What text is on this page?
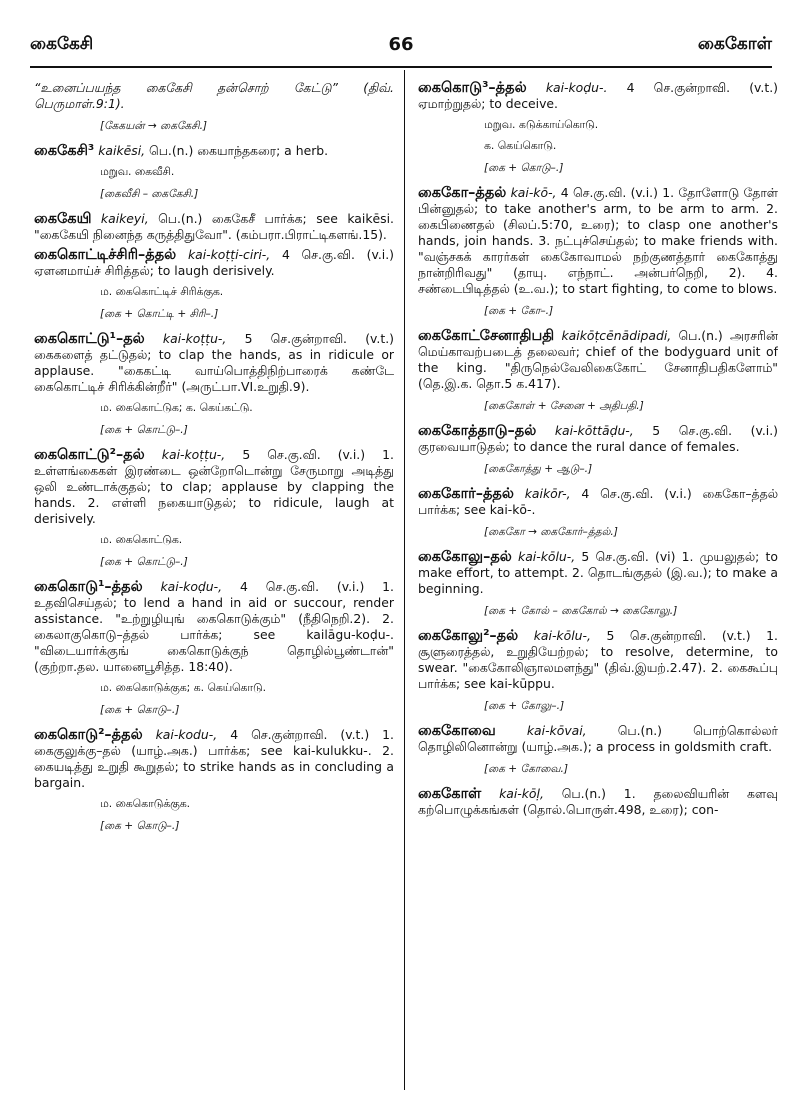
கைகேசி	66	கைகோள்

“உனைப்பயந்த கைகேசி தன்சொற் கேட்டு” (திவ். பெருமாள்.9:1).

[கேகயன் → கைகேசி.]

கைகேசி³ kaikēsi, பெ.(n.) கையாந்தகரை; a herb.

மறுவ. கைவீசி.

[கைவீசி – கைகேசி.]

கைகேயி kaikeyi, பெ.(n.) கைகேசீ பார்க்க; see kaikēsi. "கைகேயி நினைந்த கருத்திதுவோ". (கம்பரா.பிராட்டிகளங்.15).

கைகொட்டிச்சிரி–த்தல் kai-koṭṭi-ciri-, 4 செ.கு.வி. (v.i.) ஏளனமாய்ச் சிரித்தல்; to laugh derisively.

ம. கைகொட்டிச் சிரிக்குக.

[கை + கொட்டி + சிரி–.]

கைகொட்டு¹–தல் kai-koṭṭu-, 5 செ.குன்றாவி. (v.t.) கைகளைத் தட்டுதல்; to clap the hands, as in ridicule or applause. "கைகட்டி வாய்பொத்திநிற்பாரைக் கண்டே கைகொட்டிச் சிரிக்கின்றீர்" (அருட்பா.VI.உறுதி.9).

ம. கைகொட்டுக; க. கெய்கட்டு.

[கை + கொட்டு–.]

கைகொட்டு²–தல் kai-koṭṭu-, 5 செ.கு.வி. (v.i.) 1. உள்ளங்கைகள் இரண்டை ஒன்றோடொன்று சேருமாறு அடித்து ஒலி உண்டாக்குதல்; to clap; applause by clapping the hands. 2. எள்ளி நகையாடுதல்; to ridicule, laugh at derisively.

ம. கைகொட்டுக.

[கை + கொட்டு–.]

கைகொடு¹–த்தல் kai-koḍu-, 4 செ.கு.வி. (v.i.) 1. உதவிசெய்தல்; to lend a hand in aid or succour, render assistance. "உற்றுழியுங் கைகொடுக்கும்" (நீதிநெறி.2). 2. கைலாகுகொடு–த்தல் பார்க்க; see kailāgu-koḍu-. "விடையார்க்குங் கைகொடுக்குந் தொழில்பூண்டான்" (குற்றா.தல. யானைபூசித்த. 18:40).

ம. கைகொடுக்குக; க. கெய்கொடு.

[கை + கொடு–.]

கைகொடு²–த்தல் kai-kodu-, 4 செ.குன்றாவி. (v.t.) 1. கைகுலுக்கு–தல் (யாழ்.அக.) பார்க்க; see kai-kulukku-. 2. கையடித்து உறுதி கூறுதல்; to strike hands as in concluding a bargain.

ம. கைகொடுக்குக.

[கை + கொடு–.]

கைகொடு³–த்தல் kai-koḍu-. 4 செ.குன்றாவி. (v.t.) ஏமாற்றுதல்; to deceive.

மறுவ. கடுக்காய்கொடு.

க. கெய்கொடு.

[கை + கொடு–.]

கைகோ–த்தல் kai-kō-, 4 செ.கு.வி. (v.i.) 1. தோளோடு தோள் பின்னுதல்; to take another's arm, to be arm to arm. 2. கைபிணைதல் (சிலப்.5:70, உரை); to clasp one another's hands, join hands. 3. நட்புச்செய்தல்; to make friends with. "வஞ்சகக் காரர்கள் கைகோவாமல் நற்குணத்தார் கைகோத்து நான்றிரிவது" (தாயு. எந்நாட். அன்பர்நெறி, 2). 4. சண்டைபிடித்தல் (உ.வ.); to start fighting, to come to blows.

[கை + கோ–.]

கைகோட்சேனாதிபதி kaikōṭcēnādipadi, பெ.(n.) அரசரின் மெய்காவற்படைத் தலைவர்; chief of the bodyguard unit of the king. "திருநெல்வேலிகைகோட் சேனாதிபதிகளோம்" (தெ.இ.க. தொ.5 க.417).

[கைகோள் + சேனை + அதிபதி.]

கைகோத்தாடு–தல் kai-kōttāḍu-, 5 செ.கு.வி. (v.i.) குரவையாடுதல்; to dance the rural dance of females.

[கைகோத்து + ஆடு–.]

கைகோர்–த்தல் kaikōr-, 4 செ.கு.வி. (v.i.) கைகோ–த்தல் பார்க்க; see kai-kō-.

[கைகோ → கைகோர்–த்தல்.]

கைகோலு–தல் kai-kōlu-, 5 செ.கு.வி. (vi) 1. முயலுதல்; to make effort, to attempt. 2. தொடங்குதல் (இ.வ.); to make a beginning.

[கை + கோல் – கைகோல் → கைகோலு.]

கைகோலு²–தல் kai-kōlu-, 5 செ.குன்றாவி. (v.t.) 1. சூளுரைத்தல், உறுதியேற்றல்; to resolve, determine, to swear. "கைகோலிஞாலமளந்து" (திவ்.இயற்.2.47). 2. கைகூப்பு பார்க்க; see kai-kūppu.

[கை + கோலு–.]

கைகோவை	kai-kōvai,	பெ.(n.) பொற்கொல்லர் தொழிலினொன்று (யாழ்.அக.); a process in goldsmith craft.

[கை + கோவை.]

கைகோள் kai-kōḷ, பெ.(n.) 1. தலைவியரின் களவு கற்பொழுக்கங்கள் (தொல்.பொருள்.498, உரை); con-
